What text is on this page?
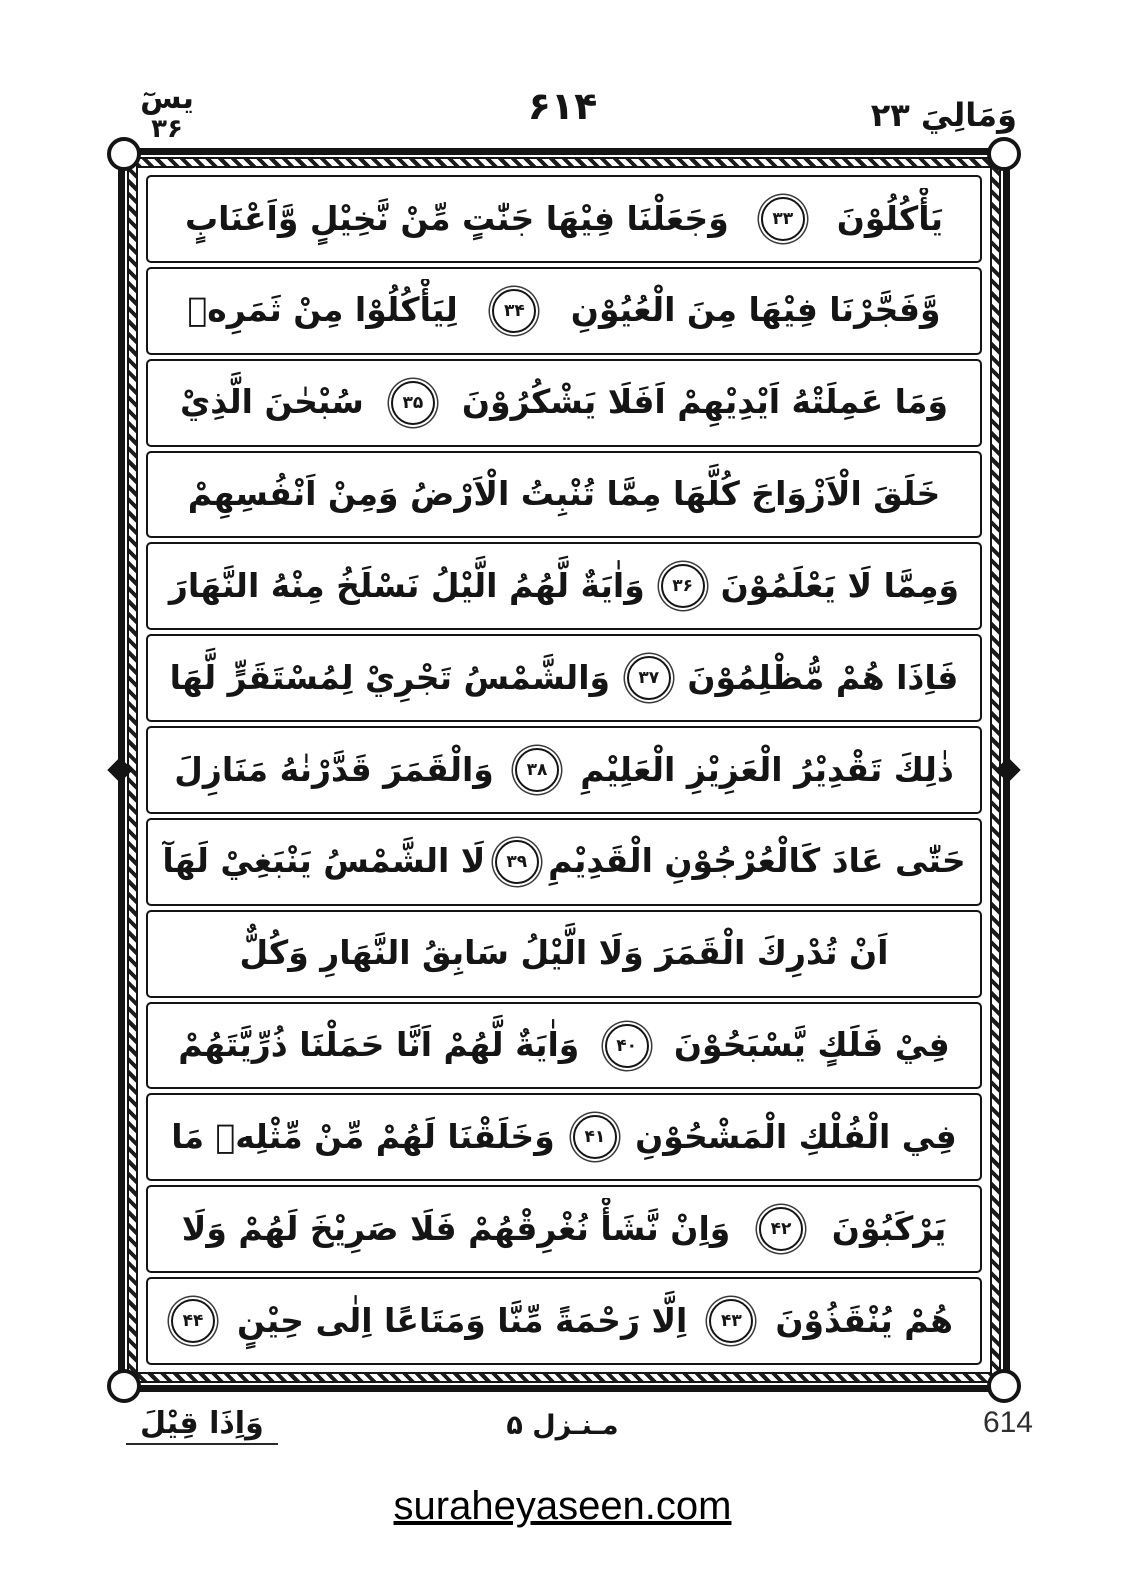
يسٓ
۳۶
۶۱۴	وَمَالِيَ ۲۳
يَأْكُلُوْنَ
۳۳
وَجَعَلْنَا فِيْهَا جَنّٰتٍ مِّنْ نَّخِيْلٍ وَّاَعْنَابٍ
وَّفَجَّرْنَا فِيْهَا مِنَ الْعُيُوْنِ
۳۴
لِيَأْكُلُوْا مِنْ ثَمَرِهٖ
وَمَا عَمِلَتْهُ اَيْدِيْهِمْ اَفَلَا يَشْكُرُوْنَ
۳۵
سُبْحٰنَ الَّذِيْ
خَلَقَ الْاَزْوَاجَ كُلَّهَا مِمَّا تُنْبِتُ الْاَرْضُ وَمِنْ اَنْفُسِهِمْ
وَمِمَّا لَا يَعْلَمُوْنَ
۳۶
وَاٰيَةٌ لَّهُمُ الَّيْلُ نَسْلَخُ مِنْهُ النَّهَارَ
فَاِذَا هُمْ مُّظْلِمُوْنَ
۳۷
وَالشَّمْسُ تَجْرِيْ لِمُسْتَقَرٍّ لَّهَا
ذٰلِكَ تَقْدِيْرُ الْعَزِيْزِ الْعَلِيْمِ
۳۸
وَالْقَمَرَ قَدَّرْنٰهُ مَنَازِلَ
حَتّٰى عَادَ كَالْعُرْجُوْنِ الْقَدِيْمِ
۳۹
لَا الشَّمْسُ يَنْبَغِيْ لَهَآ
اَنْ تُدْرِكَ الْقَمَرَ وَلَا الَّيْلُ سَابِقُ النَّهَارِ وَكُلٌّ
فِيْ فَلَكٍ يَّسْبَحُوْنَ
۴۰
وَاٰيَةٌ لَّهُمْ اَنَّا حَمَلْنَا ذُرِّيَّتَهُمْ
فِي الْفُلْكِ الْمَشْحُوْنِ
۴۱
وَخَلَقْنَا لَهُمْ مِّنْ مِّثْلِهٖ مَا
يَرْكَبُوْنَ
۴۲
وَاِنْ نَّشَأْ نُغْرِقْهُمْ فَلَا صَرِيْخَ لَهُمْ وَلَا
هُمْ يُنْقَذُوْنَ
۴۳
اِلَّا رَحْمَةً مِّنَّا وَمَتَاعًا اِلٰى حِيْنٍ
۴۴
وَاِذَا قِيْلَ	مـنـزل ۵	614
suraheyaseen.com
